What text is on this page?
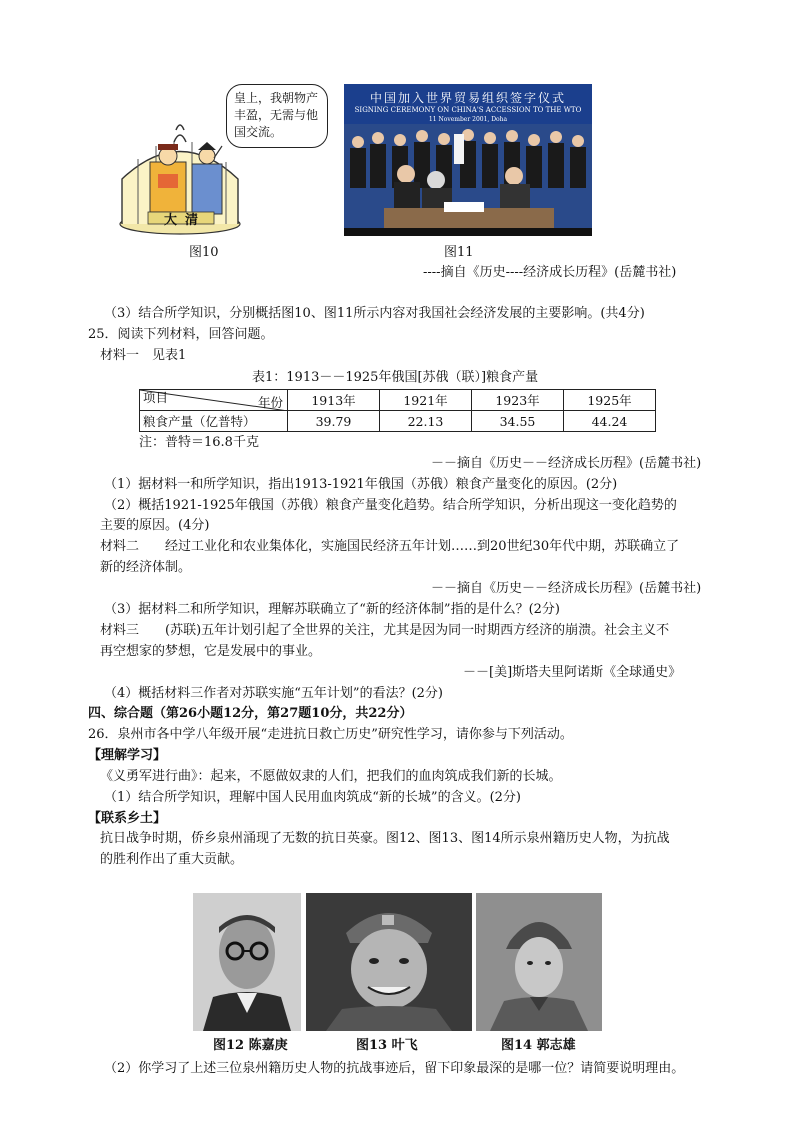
皇上，我朝物产丰盈，无需与他国交流。
大清
图10
中国加入世界贸易组织签字仪式
SIGNING CEREMONY ON CHINA'S ACCESSION TO THE WTO
11 November 2001, Doha
图11
----摘自《历史----经济成长历程》(岳麓书社)
（3）结合所学知识，分别概括图10、图11所示内容对我国社会经济发展的主要影响。(共4分)
25．阅读下列材料，回答问题。
材料一　见表1
表1：1913－－1925年俄国[苏俄（联）]粮食产量
项目 年份	1913年	1921年	1923年	1925年
粮食产量（亿普特）	39.79	22.13	34.55	44.24
注：普特＝16.8千克
－－摘自《历史－－经济成长历程》(岳麓书社)
（1）据材料一和所学知识，指出1913-1921年俄国（苏俄）粮食产量变化的原因。(2分)
（2）概括1921-1925年俄国（苏俄）粮食产量变化趋势。结合所学知识，分析出现这一变化趋势的
主要的原因。(4分)
材料二　　经过工业化和农业集体化，实施国民经济五年计划……到20世纪30年代中期，苏联确立了
新的经济体制。
－－摘自《历史－－经济成长历程》(岳麓书社)
（3）据材料二和所学知识，理解苏联确立了“新的经济体制”指的是什么？(2分)
材料三　　(苏联)五年计划引起了全世界的关注，尤其是因为同一时期西方经济的崩溃。社会主义不
再空想家的梦想，它是发展中的事业。
－－[美]斯塔夫里阿诺斯《全球通史》
（4）概括材料三作者对苏联实施“五年计划”的看法？(2分)
四、综合题（第26小题12分，第27题10分，共22分）
26．泉州市各中学八年级开展“走进抗日救亡历史”研究性学习，请你参与下列活动。
【理解学习】
《义勇军进行曲》：起来，不愿做奴隶的人们，把我们的血肉筑成我们新的长城。
（1）结合所学知识，理解中国人民用血肉筑成“新的长城”的含义。(2分)
【联系乡土】
抗日战争时期，侨乡泉州涌现了无数的抗日英豪。图12、图13、图14所示泉州籍历史人物，为抗战
的胜利作出了重大贡献。
图12 陈嘉庚	图13 叶飞	图14 郭志雄
（2）你学习了上述三位泉州籍历史人物的抗战事迹后，留下印象最深的是哪一位？请简要说明理由。
